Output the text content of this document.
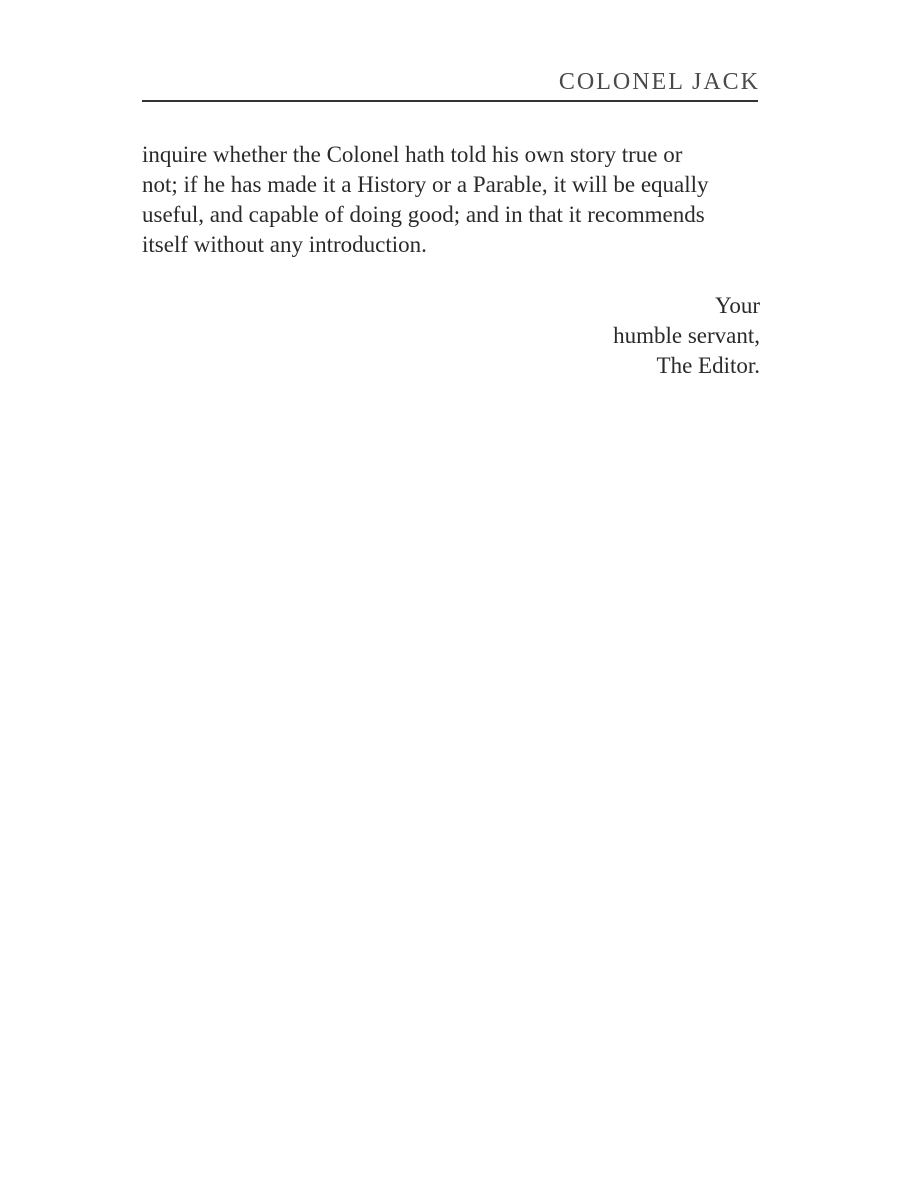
COLONEL JACK

inquire whether the Colonel hath told his own story true or
not; if he has made it a History or a Parable, it will be equally
useful, and capable of doing good; and in that it recommends
itself without any introduction.

Your
humble servant,
The Editor.
